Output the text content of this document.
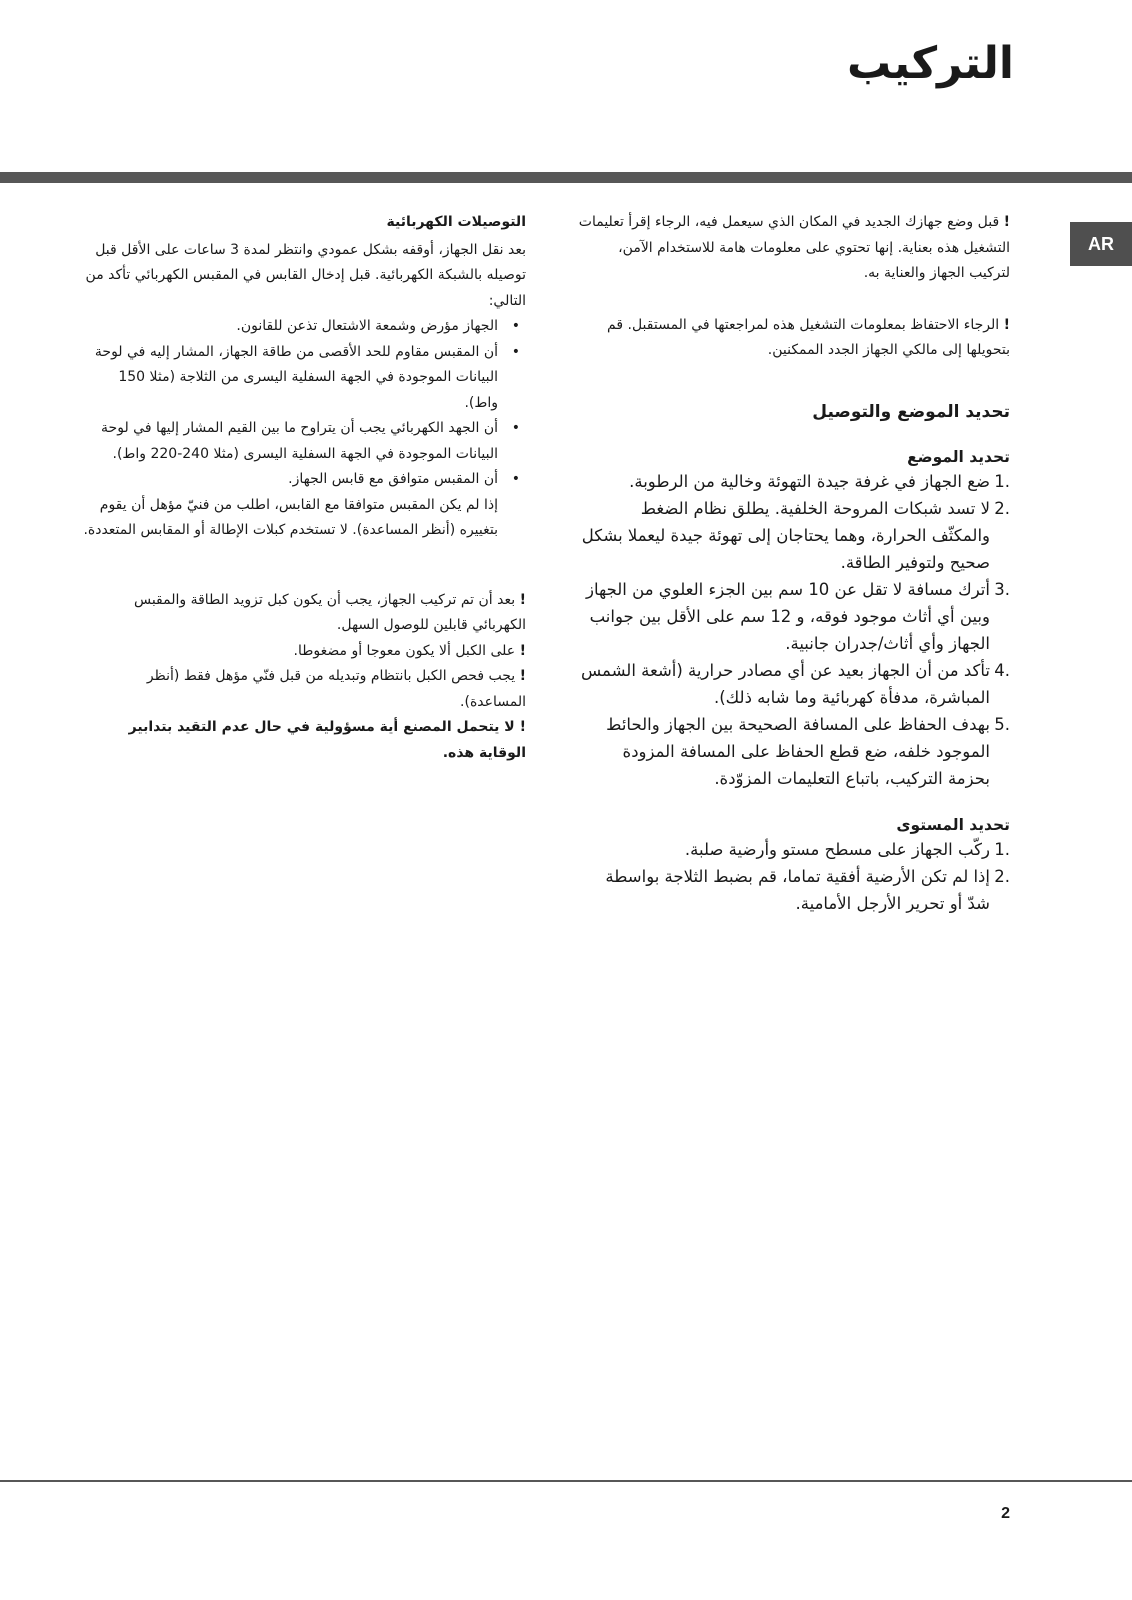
التركيب
AR

! قبل وضع جهازك الجديد في المكان الذي سيعمل فيه، الرجاء إقرأ تعليمات التشغيل هذه بعناية. إنها تحتوي على معلومات هامة للاستخدام الآمن، لتركيب الجهاز والعناية به.

! الرجاء الاحتفاظ بمعلومات التشغيل هذه لمراجعتها في المستقبل. قم بتحويلها إلى مالكي الجهاز الجدد الممكنين.

تحديد الموضع والتوصيل
تحديد الموضع
1.
ضع الجهاز في غرفة جيدة التهوئة وخالية من الرطوبة.
2.
لا تسد شبكات المروحة الخلفية. يطلق نظام الضغط والمكثّف الحرارة، وهما يحتاجان إلى تهوئة جيدة ليعملا بشكل صحيح ولتوفير الطاقة.
3.
أترك مسافة لا تقل عن 10 سم بين الجزء العلوي من الجهاز وبين أي أثاث موجود فوقه، و 12 سم على الأقل بين جوانب الجهاز وأي أثاث/جدران جانبية.
4.
تأكد من أن الجهاز بعيد عن أي مصادر حرارية (أشعة الشمس المباشرة، مدفأة كهربائية وما شابه ذلك).
5.
بهدف الحفاظ على المسافة الصحيحة بين الجهاز والحائط الموجود خلفه، ضع قطع الحفاظ على المسافة المزودة بحزمة التركيب، باتباع التعليمات المزوّدة.
تحديد المستوى
1.
ركّب الجهاز على مسطح مستو وأرضية صلبة.
2.
إذا لم تكن الأرضية أفقية تماما، قم بضبط الثلاجة بواسطة شدّ أو تحرير الأرجل الأمامية.

التوصيلات الكهربائية

بعد نقل الجهاز، أوقفه بشكل عمودي وانتظر لمدة 3 ساعات على الأقل قبل توصيله بالشبكة الكهربائية. قبل إدخال القابس في المقبس الكهربائي تأكد من التالي:

• الجهاز مؤرض وشمعة الاشتعال تذعن للقانون.
• أن المقبس مقاوم للحد الأقصى من طاقة الجهاز، المشار إليه في لوحة البيانات الموجودة في الجهة السفلية اليسرى من الثلاجة (مثلا 150 واط).
• أن الجهد الكهربائي يجب أن يتراوح ما بين القيم المشار إليها في لوحة البيانات الموجودة في الجهة السفلية اليسرى (مثلا 240-220 واط).
• أن المقبس متوافق مع قابس الجهاز.

إذا لم يكن المقبس متوافقا مع القابس، اطلب من فنيّ مؤهل أن يقوم بتغييره (أنظر المساعدة). لا تستخدم كبلات الإطالة أو المقابس المتعددة.

! بعد أن تم تركيب الجهاز، يجب أن يكون كبل تزويد الطاقة والمقبس الكهربائي قابلين للوصول السهل.

! على الكبل ألا يكون معوجا أو مضغوطا.

! يجب فحص الكبل بانتظام وتبديله من قبل فنّي مؤهل فقط (أنظر المساعدة).

! لا يتحمل المصنع أية مسؤولية في حال عدم التقيد بتدابير الوقاية هذه.

2
